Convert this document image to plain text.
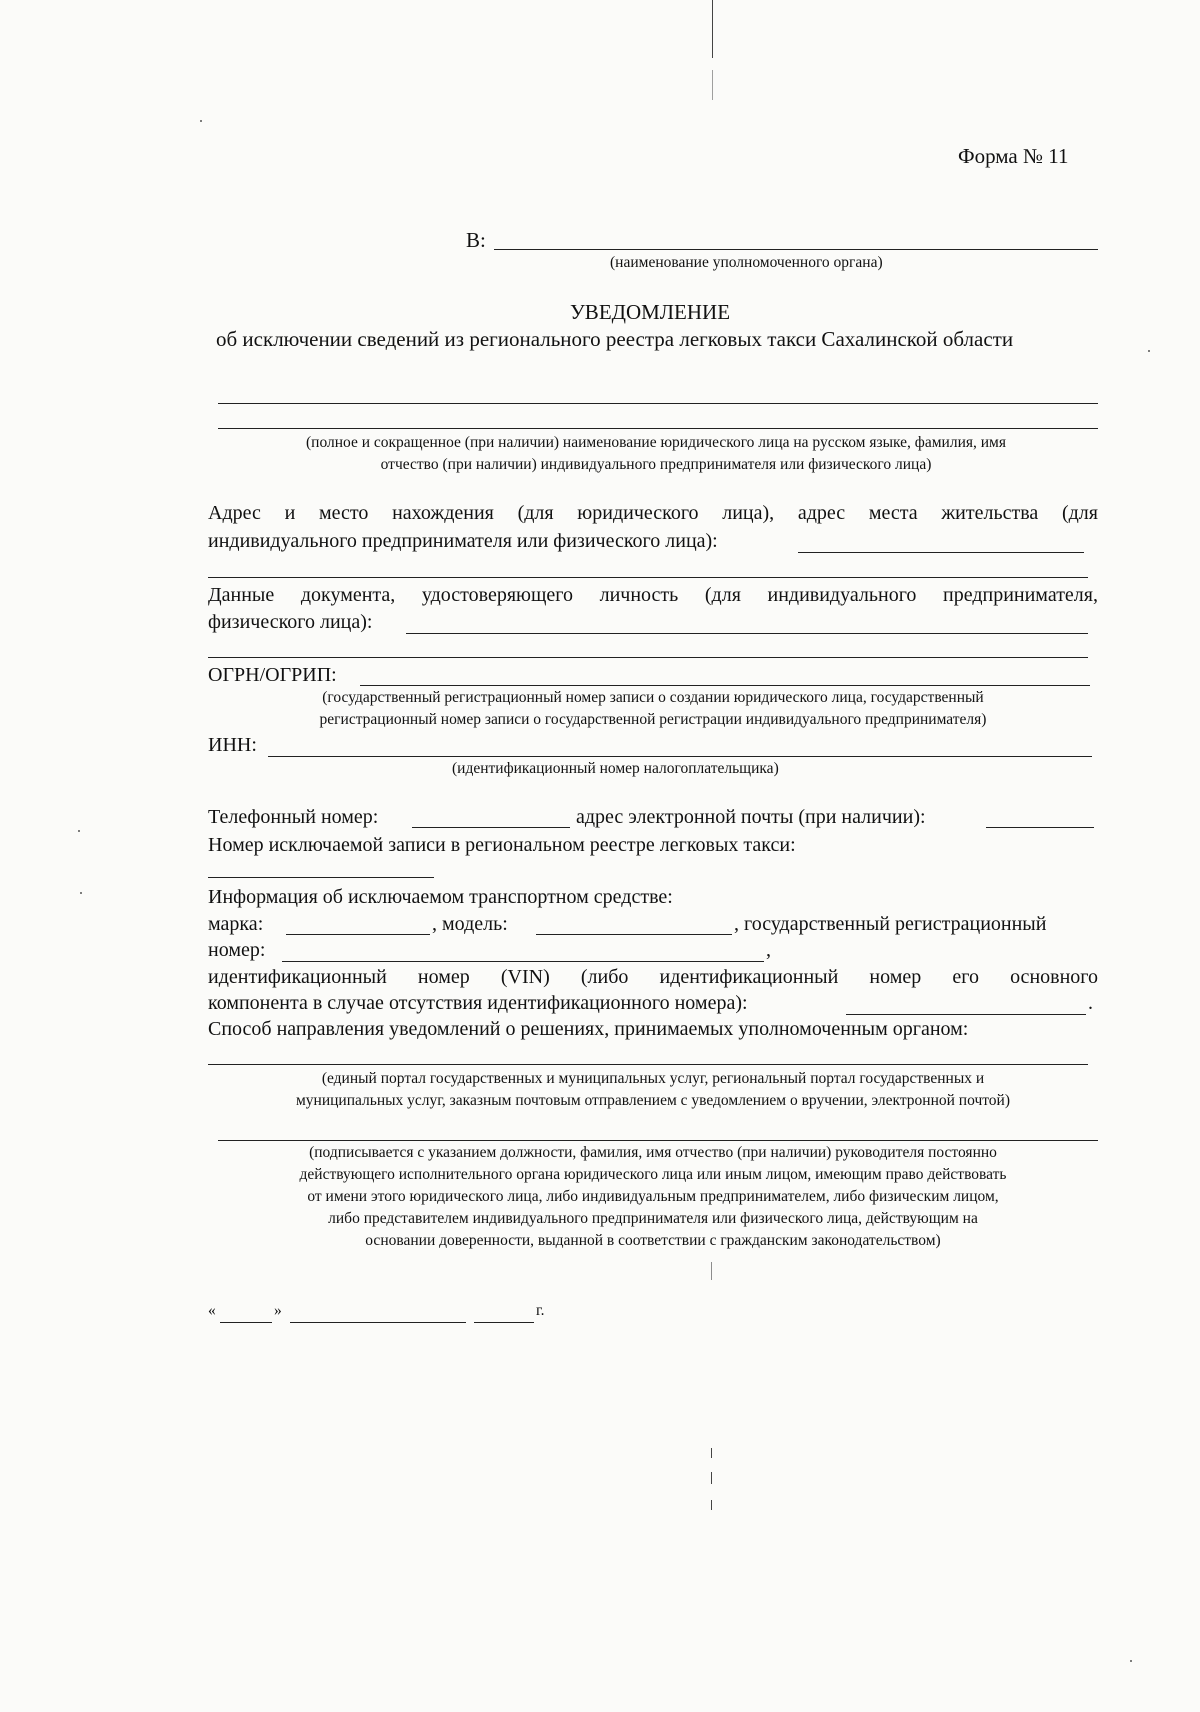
Форма № 11
В:
(наименование уполномоченного органа)
УВЕДОМЛЕНИЕ
об исключении сведений из регионального реестра легковых такси Сахалинской области
(полное и сокращенное (при наличии) наименование юридического лица на русском языке, фамилия, имя
отчество (при наличии) индивидуального предпринимателя или физического лица)
Адрес и место нахождения (для юридического лица), адрес места жительства (для
индивидуального предпринимателя или физического лица):
Данные документа, удостоверяющего личность (для индивидуального предпринимателя,
физического лица):
ОГРН/ОГРИП:
(государственный регистрационный номер записи о создании юридического лица, государственный
регистрационный номер записи о государственной регистрации индивидуального предпринимателя)
ИНН:
(идентификационный номер налогоплательщика)
Телефонный номер:	адрес электронной почты (при наличии):
Номер исключаемой записи в региональном реестре легковых такси:
Информация об исключаемом транспортном средстве:
марка:	, модель:	, государственный регистрационный
номер:	,
идентификационный номер (VIN) (либо идентификационный номер его основного
компонента в случае отсутствия идентификационного номера):	.
Способ направления уведомлений о решениях, принимаемых уполномоченным органом:
(единый портал государственных и муниципальных услуг, региональный портал государственных и
муниципальных услуг, заказным почтовым отправлением с уведомлением о вручении, электронной почтой)
(подписывается с указанием должности, фамилия, имя отчество (при наличии) руководителя постоянно
действующего исполнительного органа юридического лица или иным лицом, имеющим право действовать
от имени этого юридического лица, либо индивидуальным предпринимателем, либо физическим лицом,
либо представителем индивидуального предпринимателя или физического лица, действующим на
основании доверенности, выданной в соответствии с гражданским законодательством)
«	»	г.
